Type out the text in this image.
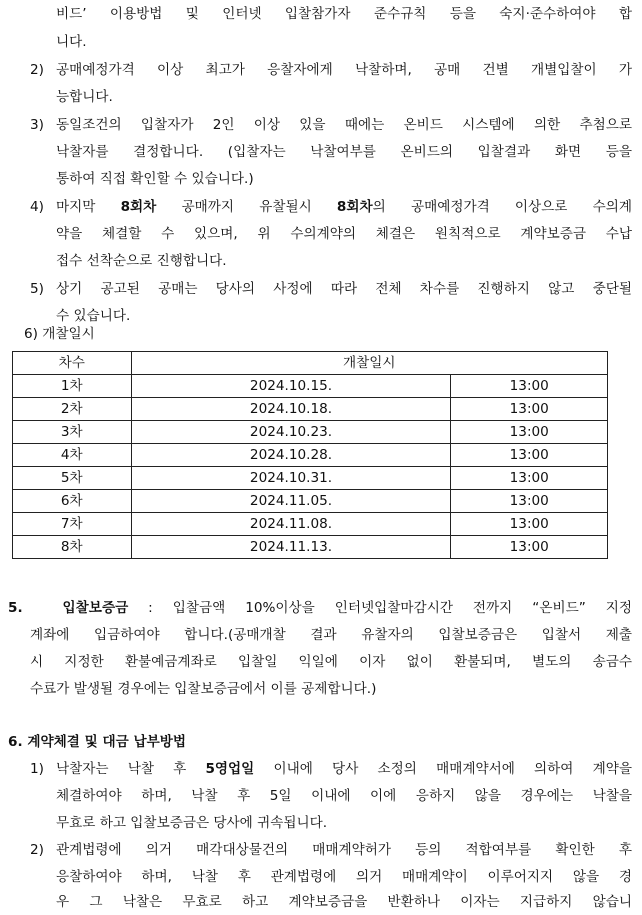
비드’ 이용방법 및 인터넷 입찰참가자 준수규칙 등을 숙지·준수하여야 합
니다.
2) 공매예정가격 이상 최고가 응찰자에게 낙찰하며, 공매 건별 개별입찰이 가
능합니다.
3) 동일조건의 입찰자가 2인 이상 있을 때에는 온비드 시스템에 의한 추첨으로
낙찰자를 결정합니다. (입찰자는 낙찰여부를 온비드의 입찰결과 화면 등을
통하여 직접 확인할 수 있습니다.)
4) 마지막 8회차 공매까지 유찰될시 8회차의 공매예정가격 이상으로 수의계
약을 체결할 수 있으며, 위 수의계약의 체결은 원칙적으로 계약보증금 수납
접수 선착순으로 진행합니다.
5) 상기 공고된 공매는 당사의 사정에 따라 전체 차수를 진행하지 않고 중단될
수 있습니다.
6) 개찰일시
차수	개찰일시	
1차	2024.10.15.	13:00
2차	2024.10.18.	13:00
3차	2024.10.23.	13:00
4차	2024.10.28.	13:00
5차	2024.10.31.	13:00
6차	2024.11.05.	13:00
7차	2024.11.08.	13:00
8차	2024.11.13.	13:00
5.	입찰보증금 : 입찰금액 10%이상을 인터넷입찰마감시간 전까지 “온비드” 지정
계좌에 입금하여야 합니다.(공매개찰 결과 유찰자의 입찰보증금은 입찰서 제출
시 지정한 환불예금계좌로 입찰일 익일에 이자 없이 환불되며, 별도의 송금수
수료가 발생될 경우에는 입찰보증금에서 이를 공제합니다.)
6. 계약체결 및 대금 납부방법
1) 낙찰자는 낙찰 후 5영업일 이내에 당사 소정의 매매계약서에 의하여 계약을
체결하여야 하며, 낙찰 후 5일 이내에 이에 응하지 않을 경우에는 낙찰을
무효로 하고 입찰보증금은 당사에 귀속됩니다.
2) 관계법령에 의거 매각대상물건의 매매계약허가 등의 적합여부를 확인한 후
응찰하여야 하며, 낙찰 후 관계법령에 의거 매매계약이 이루어지지 않을 경
우 그 낙찰은 무효로 하고 계약보증금을 반환하나 이자는 지급하지 않습니
